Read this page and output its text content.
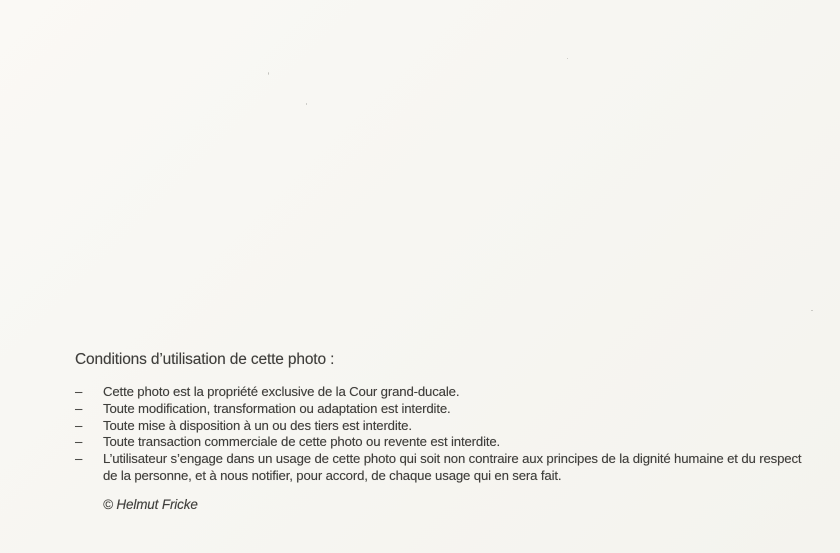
Conditions d’utilisation de cette photo :
–	Cette photo est la propriété exclusive de la Cour grand-ducale.
–	Toute modification, transformation ou adaptation est interdite.
–	Toute mise à disposition à un ou des tiers est interdite.
–	Toute transaction commerciale de cette photo ou revente est interdite.
–	L’utilisateur s’engage dans un usage de cette photo qui soit non contraire aux principes de la dignité humaine et du respect de la personne, et à nous notifier, pour accord, de chaque usage qui en sera fait.

© Helmut Fricke
